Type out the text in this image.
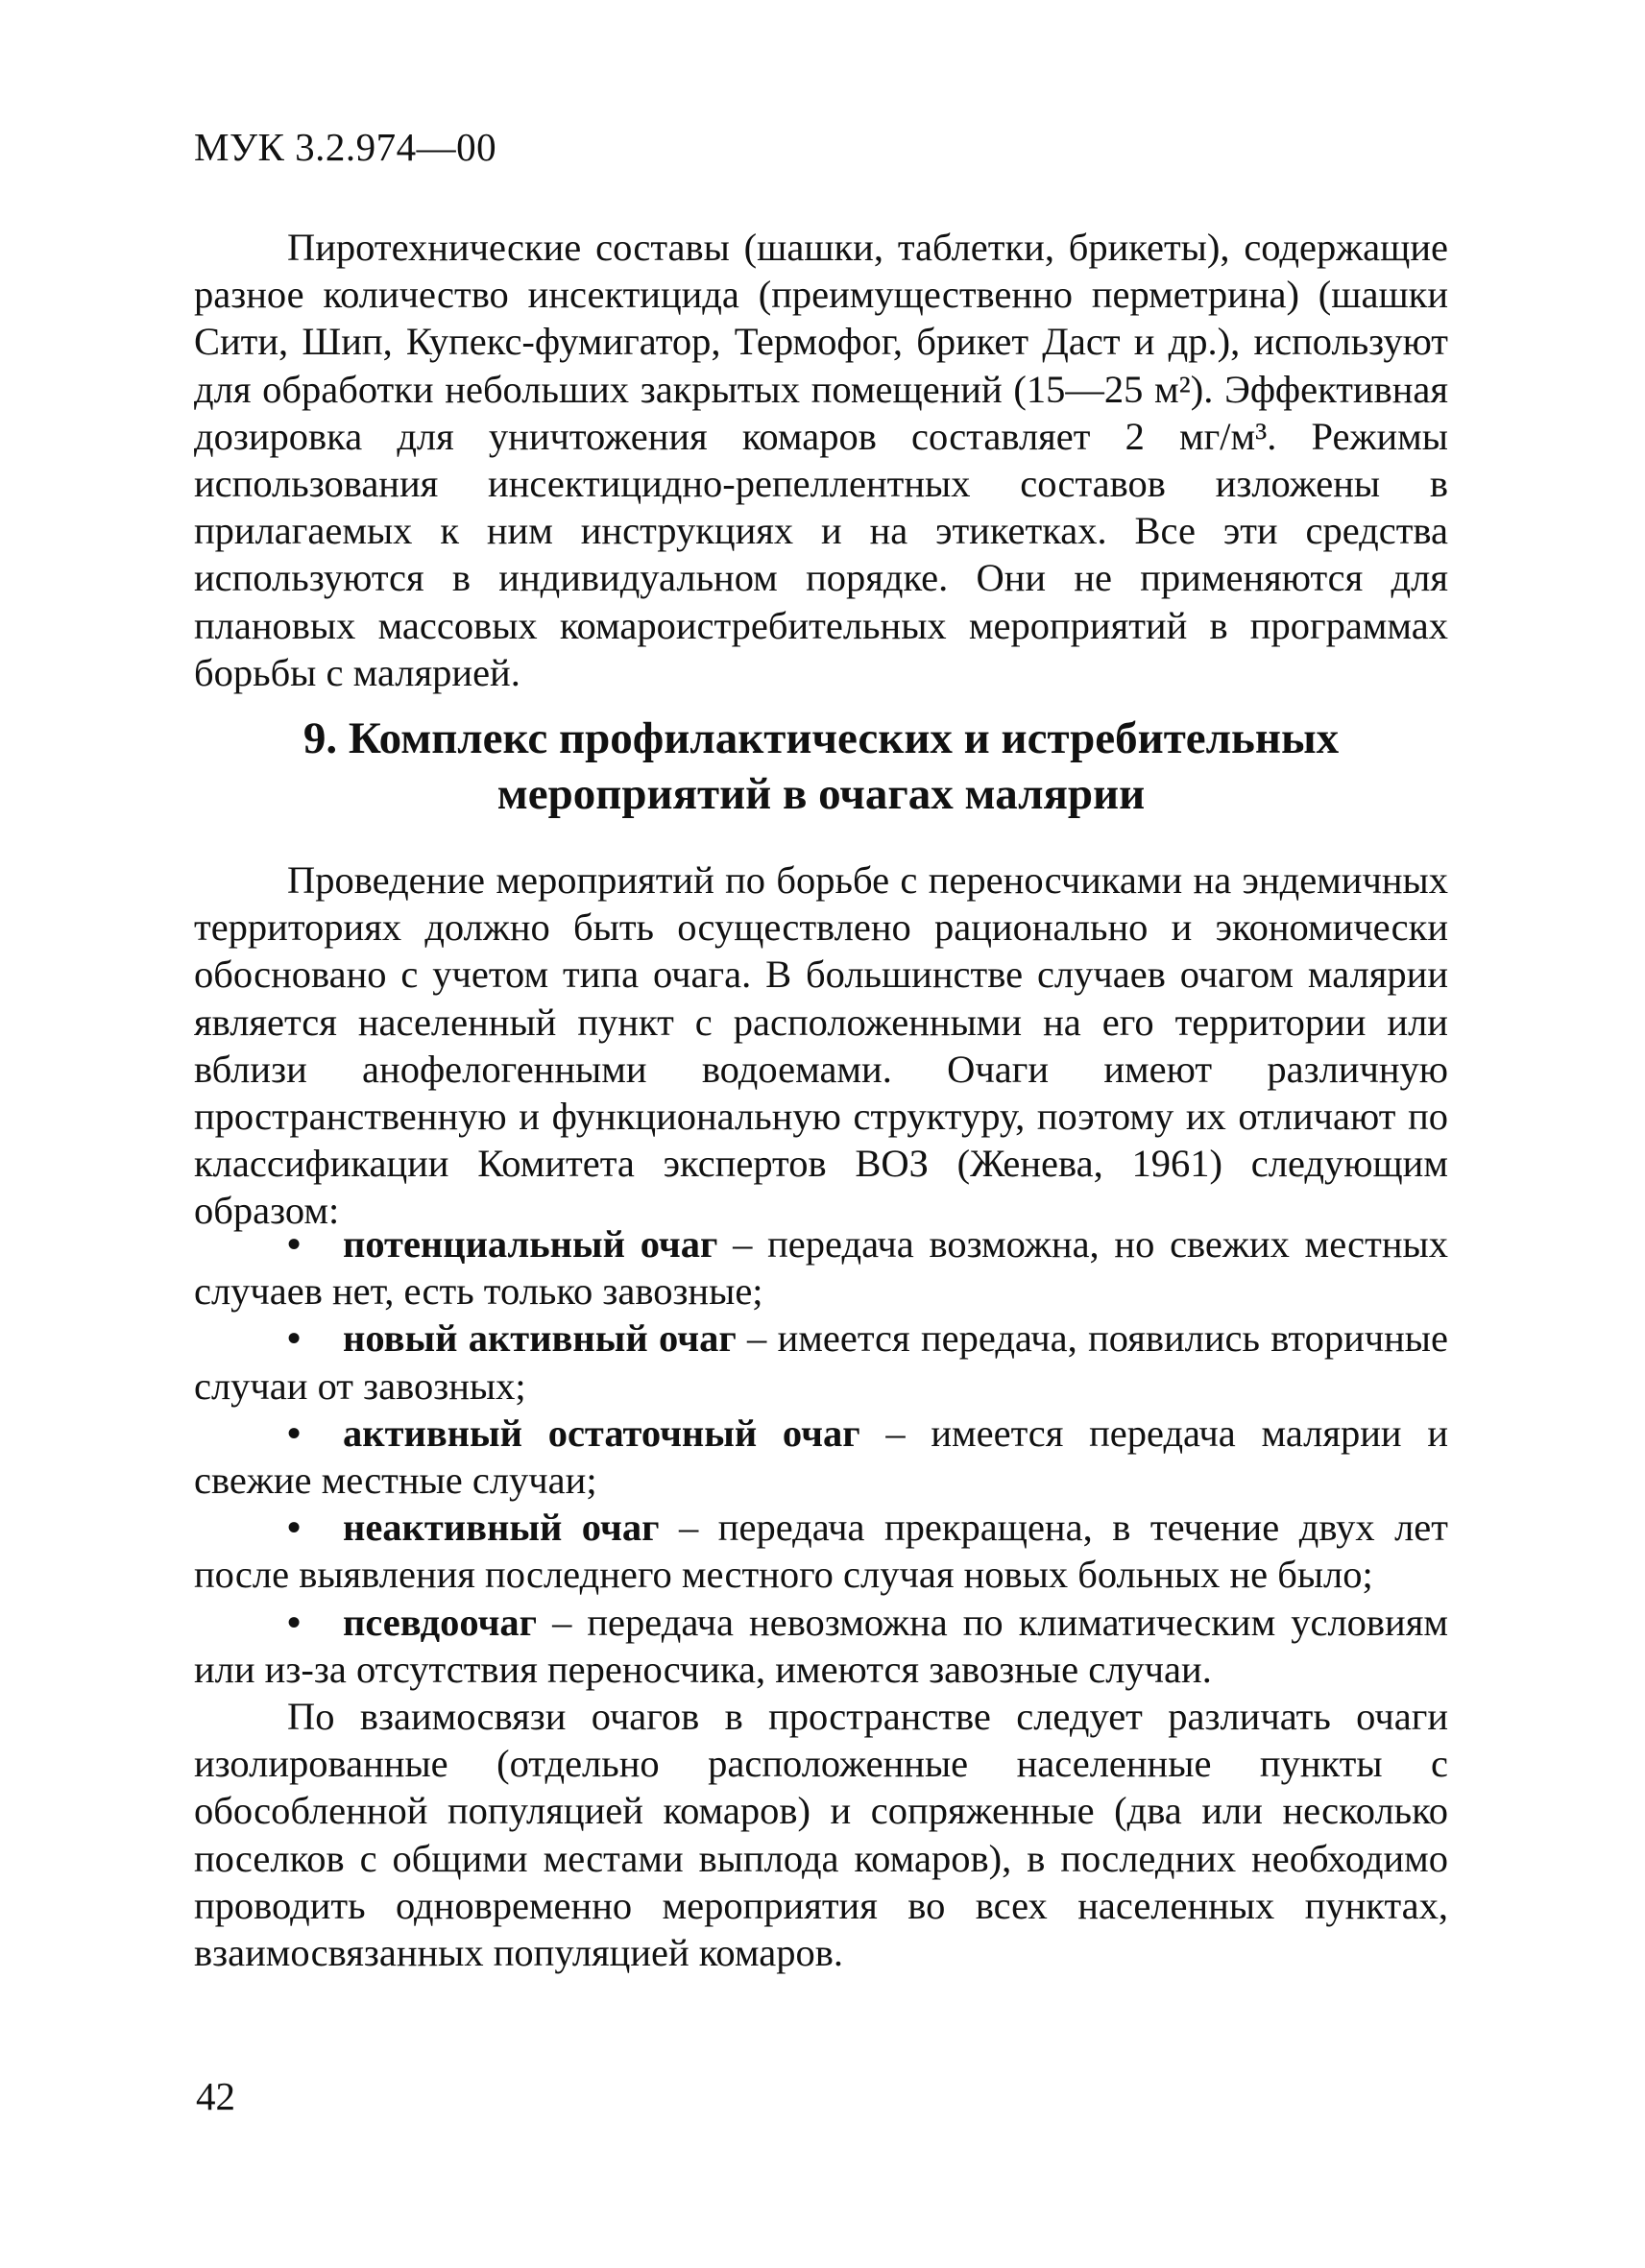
МУК 3.2.974—00

Пиротехнические составы (шашки, таблетки, брикеты), содержащие разное количество инсектицида (преимущественно перметрина) (шашки Сити, Шип, Купекс-фумигатор, Термофог, брикет Даст и др.), используют для обработки небольших закрытых помещений (15—25 м²). Эффективная дозировка для уничтожения комаров составляет 2 мг/м³. Режимы использования инсектицидно-репеллентных составов изложены в прилагаемых к ним инструкциях и на этикетках. Все эти средства используются в индивидуальном порядке. Они не применяются для плановых массовых комароистребительных мероприятий в программах борьбы с малярией.

9. Комплекс профилактических и истребительных
мероприятий в очагах малярии

Проведение мероприятий по борьбе с переносчиками на эндемичных территориях должно быть осуществлено рационально и экономически обосновано с учетом типа очага. В большинстве случаев очагом малярии является населенный пункт с расположенными на его территории или вблизи анофелогенными водоемами. Очаги имеют различную пространственную и функциональную структуру, поэтому их отличают по классификации Комитета экспертов ВОЗ (Женева, 1961) следующим образом:

• потенциальный очаг – передача возможна, но свежих местных случаев нет, есть только завозные;
• новый активный очаг – имеется передача, появились вторичные случаи от завозных;
• активный остаточный очаг – имеется передача малярии и свежие местные случаи;
• неактивный очаг – передача прекращена, в течение двух лет после выявления последнего местного случая новых больных не было;
• псевдоочаг – передача невозможна по климатическим условиям или из-за отсутствия переносчика, имеются завозные случаи.

По взаимосвязи очагов в пространстве следует различать очаги изолированные (отдельно расположенные населенные пункты с обособленной популяцией комаров) и сопряженные (два или несколько поселков с общими местами выплода комаров), в последних необходимо проводить одновременно мероприятия во всех населенных пунктах, взаимосвязанных популяцией комаров.

42
